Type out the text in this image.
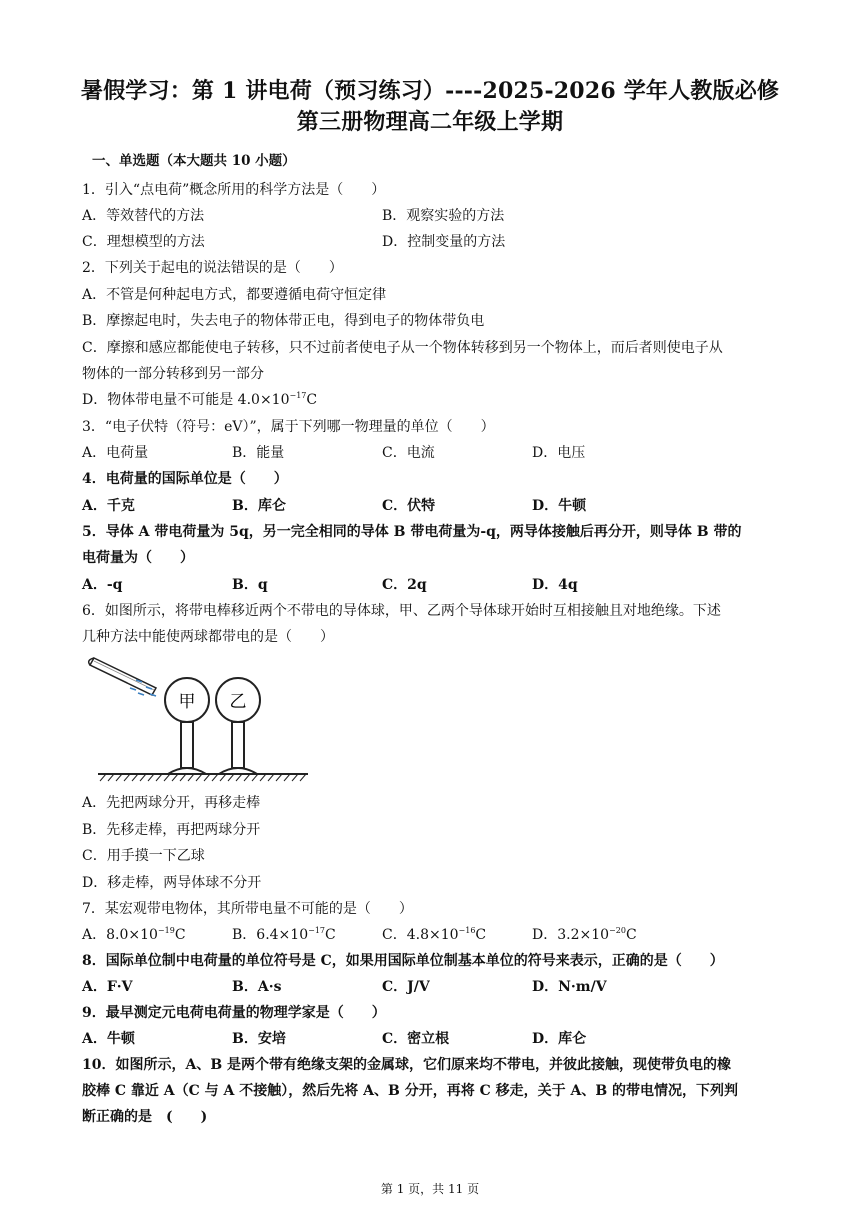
暑假学习：第 1 讲电荷（预习练习）----2025-2026 学年人教版必修
第三册物理高二年级上学期
一、单选题（本大题共 10 小题）
1．引入“点电荷”概念所用的科学方法是（　　）
A．等效替代的方法	B．观察实验的方法
C．理想模型的方法	D．控制变量的方法
2．下列关于起电的说法错误的是（　　）
A．不管是何种起电方式，都要遵循电荷守恒定律
B．摩擦起电时，失去电子的物体带正电，得到电子的物体带负电
C．摩擦和感应都能使电子转移，只不过前者使电子从一个物体转移到另一个物体上，而后者则使电子从
物体的一部分转移到另一部分
D．物体带电量不可能是 $4.0\times 10^{-17}C$
3．“电子伏特（符号：eV）”，属于下列哪一物理量的单位（　　）
A．电荷量	B．能量	C．电流	D．电压
4．电荷量的国际单位是（　　）
A．千克	B．库仑	C．伏特	D．牛顿
5．导体 A 带电荷量为 5q，另一完全相同的导体 B 带电荷量为-q，两导体接触后再分开，则导体 B 带的
电荷量为（　　）
A．-q	B．q	C．2q	D．4q
6．如图所示，将带电棒移近两个不带电的导体球，甲、乙两个导体球开始时互相接触且对地绝缘。下述
几种方法中能使两球都带电的是（　　）
甲 乙
A．先把两球分开，再移走棒
B．先移走棒，再把两球分开
C．用手摸一下乙球
D．移走棒，两导体球不分开
7．某宏观带电物体，其所带电量不可能的是（　　）
A．$8.0\times 10^{-19}C$	B．$6.4\times 10^{-17}C$	C．$4.8\times 10^{-16}C$	D．$3.2\times 10^{-20}C$
8．国际单位制中电荷量的单位符号是 C，如果用国际单位制基本单位的符号来表示，正确的是（　　）
A．F·V	B．A·s	C．J/V	D．N·m/V
9．最早测定元电荷电荷量的物理学家是（　　）
A．牛顿	B．安培	C．密立根	D．库仑
10．如图所示，A、B 是两个带有绝缘支架的金属球，它们原来均不带电，并彼此接触，现使带负电的橡
胶棒 C 靠近 A（C 与 A 不接触），然后先将 A、B 分开，再将 C 移走，关于 A、B 的带电情况，下列判
断正确的是　(　　)
第 1 页，共 11 页
